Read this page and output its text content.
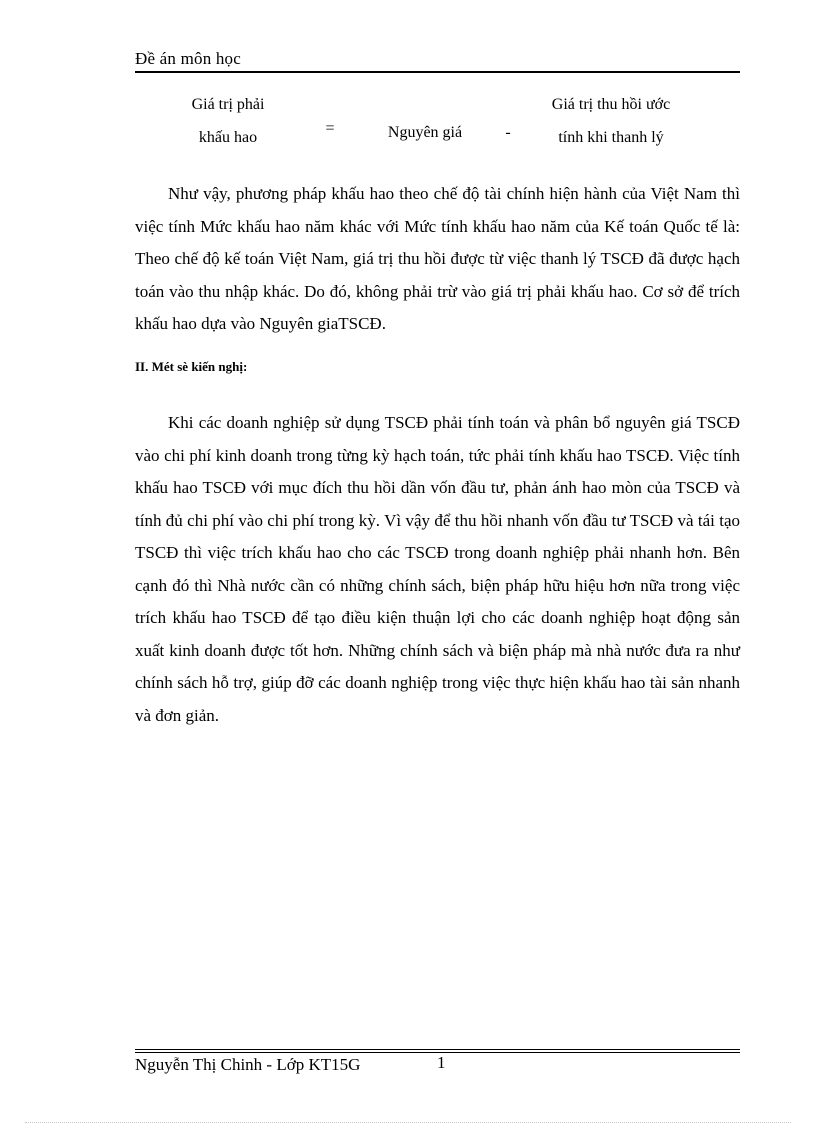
Đề án môn học
Giá trị phải
khấu hao
=	Nguyên giá	-
Giá trị thu hồi ước
tính khi thanh lý

Như vậy, phương pháp khấu hao theo chế độ tài chính hiện hành của Việt Nam thì việc tính Mức khấu hao năm khác với Mức tính khấu hao năm của Kế toán Quốc tế là: Theo chế độ kế toán Việt Nam, giá trị thu hồi được từ việc thanh lý TSCĐ đã được hạch toán vào thu nhập khác. Do đó, không phải trừ vào giá trị phải khấu hao. Cơ sở để trích khấu hao dựa vào Nguyên giaTSCĐ.

II. Mét sè kiến nghị:

Khi các doanh nghiệp sử dụng TSCĐ phải tính toán và phân bổ nguyên giá TSCĐ vào chi phí kinh doanh trong từng kỳ hạch toán, tức phải tính khấu hao TSCĐ. Việc tính khấu hao TSCĐ với mục đích thu hồi dần vốn đầu tư, phản ánh hao mòn của TSCĐ và tính đủ chi phí vào chi phí trong kỳ. Vì vậy để thu hồi nhanh vốn đầu tư TSCĐ và tái tạo TSCĐ thì việc trích khấu hao cho các TSCĐ trong doanh nghiệp phải nhanh hơn. Bên cạnh đó thì Nhà nước cần có những chính sách, biện pháp hữu hiệu hơn nữa trong việc trích khấu hao TSCĐ để tạo điều kiện thuận lợi cho các doanh nghiệp hoạt động sản xuất kinh doanh được tốt hơn. Những chính sách và biện pháp mà nhà nước đưa ra như chính sách hỗ trợ, giúp đỡ các doanh nghiệp trong việc thực hiện khấu hao tài sản nhanh và đơn giản.

Nguyễn Thị Chinh - Lớp KT15G	1
